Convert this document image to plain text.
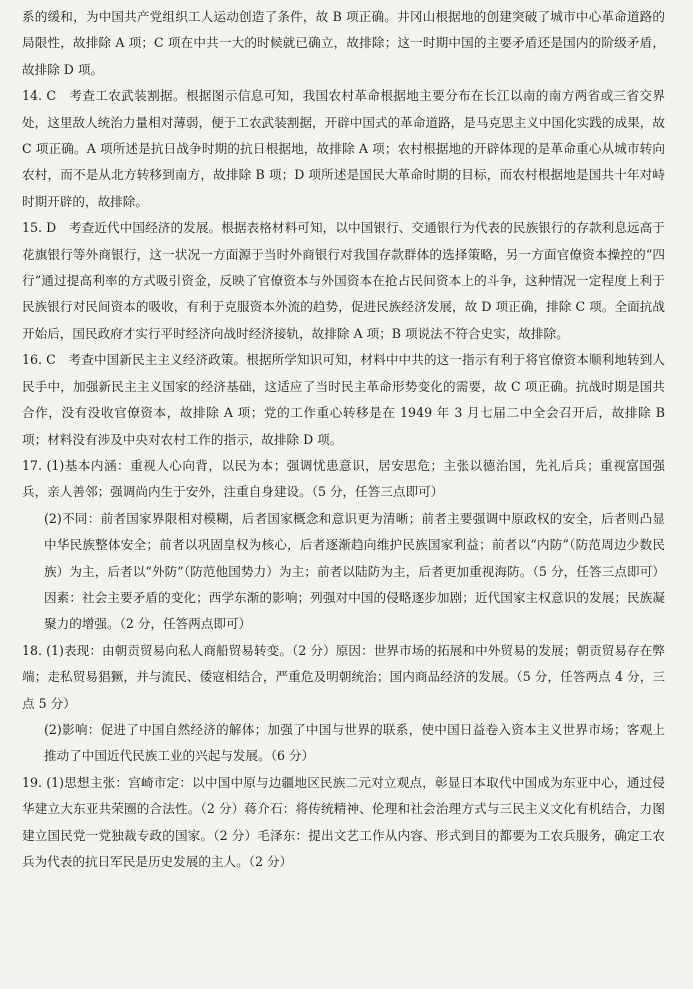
系的缓和，为中国共产党组织工人运动创造了条件，故 B 项正确。井冈山根据地的创建突破了城市中心革命道路的局限性，故排除 A 项；C 项在中共一大的时候就已确立，故排除；这一时期中国的主要矛盾还是国内的阶级矛盾，故排除 D 项。

14. C　考查工农武装割据。根据图示信息可知，我国农村革命根据地主要分布在长江以南的南方两省或三省交界处，这里敌人统治力量相对薄弱，便于工农武装割据，开辟中国式的革命道路，是马克思主义中国化实践的成果，故 C 项正确。A 项所述是抗日战争时期的抗日根据地，故排除 A 项；农村根据地的开辟体现的是革命重心从城市转向农村，而不是从北方转移到南方，故排除 B 项；D 项所述是国民大革命时期的目标，而农村根据地是国共十年对峙时期开辟的，故排除。

15. D　考查近代中国经济的发展。根据表格材料可知，以中国银行、交通银行为代表的民族银行的存款利息远高于花旗银行等外商银行，这一状况一方面源于当时外商银行对我国存款群体的选择策略，另一方面官僚资本操控的“四行”通过提高利率的方式吸引资金，反映了官僚资本与外国资本在抢占民间资本上的斗争，这种情况一定程度上利于民族银行对民间资本的吸收，有利于克服资本外流的趋势，促进民族经济发展，故 D 项正确，排除 C 项。全面抗战开始后，国民政府才实行平时经济向战时经济接轨，故排除 A 项；B 项说法不符合史实，故排除。

16. C　考查中国新民主主义经济政策。根据所学知识可知，材料中中共的这一指示有利于将官僚资本顺利地转到人民手中，加强新民主主义国家的经济基础，这适应了当时民主革命形势变化的需要，故 C 项正确。抗战时期是国共合作，没有没收官僚资本，故排除 A 项；党的工作重心转移是在 1949 年 3 月七届二中全会召开后，故排除 B 项；材料没有涉及中央对农村工作的指示，故排除 D 项。

17. (1)基本内涵：重视人心向背，以民为本；强调忧患意识，居安思危；主张以德治国，先礼后兵；重视富国强兵，亲人善邻；强调尚内生于安外，注重自身建设。（5 分，任答三点即可）

(2)不同：前者国家界限相对模糊，后者国家概念和意识更为清晰；前者主要强调中原政权的安全，后者则凸显中华民族整体安全；前者以巩固皇权为核心，后者逐渐趋向维护民族国家利益；前者以“内防”（防范周边少数民族）为主，后者以“外防”（防范他国势力）为主；前者以陆防为主，后者更加重视海防。（5 分，任答三点即可）因素：社会主要矛盾的变化；西学东渐的影响；列强对中国的侵略逐步加剧；近代国家主权意识的发展；民族凝聚力的增强。（2 分，任答两点即可）

18. (1)表现：由朝贡贸易向私人商船贸易转变。（2 分）原因：世界市场的拓展和中外贸易的发展；朝贡贸易存在弊端；走私贸易猖獗，并与流民、倭寇相结合，严重危及明朝统治；国内商品经济的发展。（5 分，任答两点 4 分，三点 5 分）

(2)影响：促进了中国自然经济的解体；加强了中国与世界的联系，使中国日益卷入资本主义世界市场；客观上推动了中国近代民族工业的兴起与发展。（6 分）

19. (1)思想主张：宫崎市定：以中国中原与边疆地区民族二元对立观点，彰显日本取代中国成为东亚中心，通过侵华建立大东亚共荣圈的合法性。（2 分）蒋介石：将传统精神、伦理和社会治理方式与三民主义文化有机结合，力图建立国民党一党独裁专政的国家。（2 分）毛泽东：提出文艺工作从内容、形式到目的都要为工农兵服务，确定工农兵为代表的抗日军民是历史发展的主人。（2 分）
